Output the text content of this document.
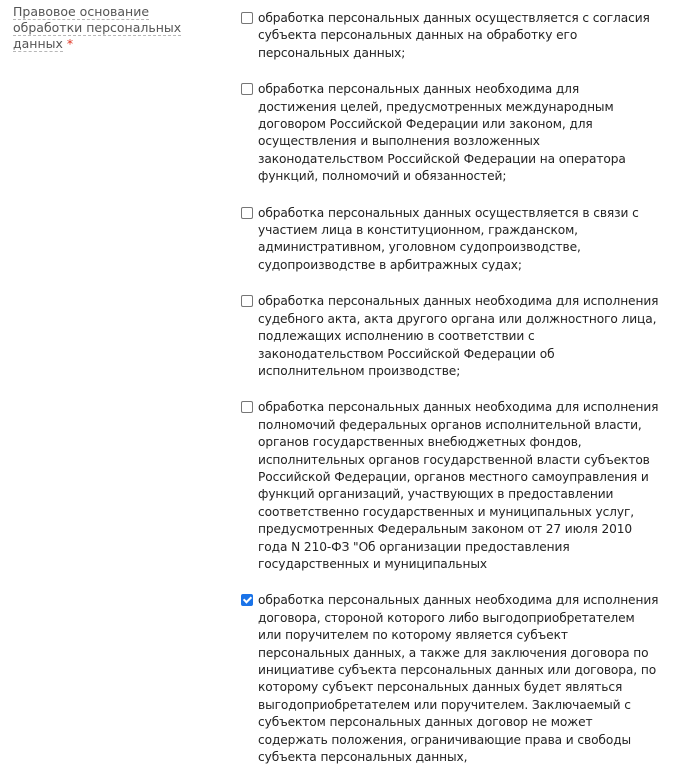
Правовое основание обработки персональных данных *
обработка персональных данных осуществляется с согласия субъекта персональных данных на обработку его персональных данных;
обработка персональных данных необходима для достижения целей, предусмотренных международным договором Российской Федерации или законом, для осуществления и выполнения возложенных законодательством Российской Федерации на оператора функций, полномочий и обязанностей;
обработка персональных данных осуществляется в связи с участием лица в конституционном, гражданском, административном, уголовном судопроизводстве, судопроизводстве в арбитражных судах;
обработка персональных данных необходима для исполнения судебного акта, акта другого органа или должностного лица, подлежащих исполнению в соответствии с законодательством Российской Федерации об исполнительном производстве;
обработка персональных данных необходима для исполнения полномочий федеральных органов исполнительной власти, органов государственных внебюджетных фондов, исполнительных органов государственной власти субъектов Российской Федерации, органов местного самоуправления и функций организаций, участвующих в предоставлении соответственно государственных и муниципальных услуг, предусмотренных Федеральным законом от 27 июля 2010 года N 210-ФЗ "Об организации предоставления государственных и муниципальных
обработка персональных данных необходима для исполнения договора, стороной которого либо выгодоприобретателем или поручителем по которому является субъект персональных данных, а также для заключения договора по инициативе субъекта персональных данных или договора, по которому субъект персональных данных будет являться выгодоприобретателем или поручителем. Заключаемый с субъектом персональных данных договор не может содержать положения, ограничивающие права и свободы субъекта персональных данных,
